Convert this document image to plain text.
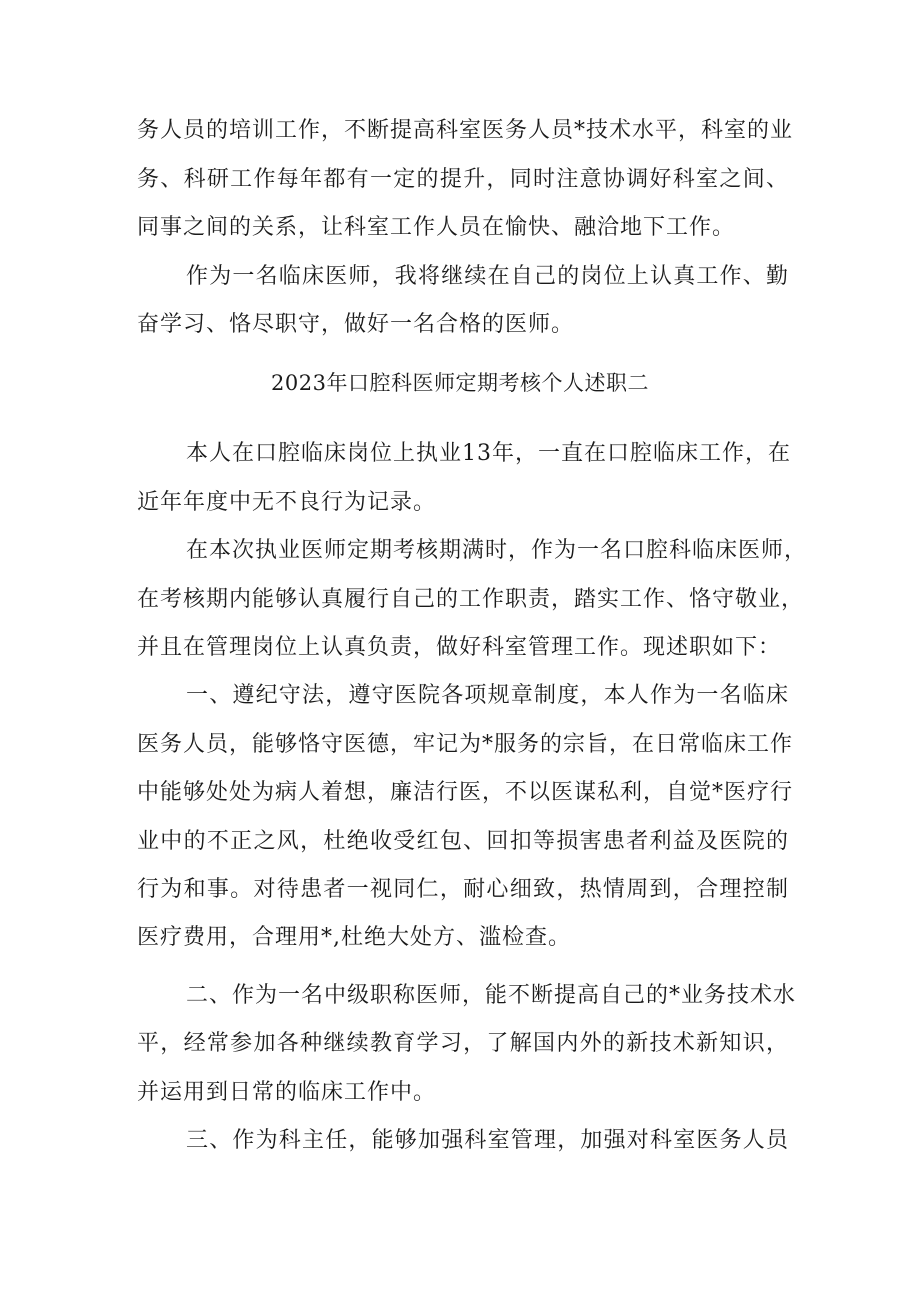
务人员的培训工作，不断提高科室医务人员*技术水平，科室的业
务、科研工作每年都有一定的提升，同时注意协调好科室之间、
同事之间的关系，让科室工作人员在愉快、融洽地下工作。
作为一名临床医师，我将继续在自己的岗位上认真工作、勤
奋学习、恪尽职守，做好一名合格的医师。
2023年口腔科医师定期考核个人述职二
本人在口腔临床岗位上执业13年，一直在口腔临床工作，在
近年年度中无不良行为记录。
在本次执业医师定期考核期满时，作为一名口腔科临床医师，
在考核期内能够认真履行自己的工作职责，踏实工作、恪守敬业，
并且在管理岗位上认真负责，做好科室管理工作。现述职如下：
一、遵纪守法，遵守医院各项规章制度，本人作为一名临床
医务人员，能够恪守医德，牢记为*服务的宗旨，在日常临床工作
中能够处处为病人着想，廉洁行医，不以医谋私利，自觉*医疗行
业中的不正之风，杜绝收受红包、回扣等损害患者利益及医院的
行为和事。对待患者一视同仁，耐心细致，热情周到，合理控制
医疗费用，合理用*,杜绝大处方、滥检查。
二、作为一名中级职称医师，能不断提高自己的*业务技术水
平，经常参加各种继续教育学习，了解国内外的新技术新知识，
并运用到日常的临床工作中。
三、作为科主任，能够加强科室管理，加强对科室医务人员
